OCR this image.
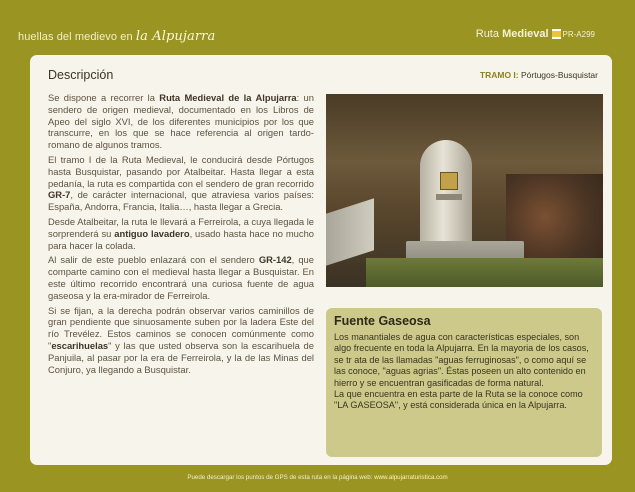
huellas del medievo en la Alpujarra	Ruta Medieval PR-A299
Descripción	TRAMO I: Pórtugos-Busquistar

Se dispone a recorrer la Ruta Medieval de la Alpujarra: un sendero de origen medieval, documentado en los Libros de Apeo del siglo XVI, de los diferentes municipios por los que transcurre, en los que se hace referencia al origen tardo-romano de algunos tramos.

El tramo I de la Ruta Medieval, le conducirá desde Pórtugos hasta Busquistar, pasando por Atalbeitar. Hasta llegar a esta pedanía, la ruta es compartida con el sendero de gran recorrido GR-7, de carácter internacional, que atraviesa varios países: España, Andorra, Francia, Italia…, hasta llegar a Grecia.

Desde Atalbeitar, la ruta le llevará a Ferreirola, a cuya llegada le sorprenderá su antiguo lavadero, usado hasta hace no mucho para hacer la colada.

Al salir de este pueblo enlazará con el sendero GR-142, que comparte camino con el medieval hasta llegar a Busquistar. En este último recorrido encontrará una curiosa fuente de agua gaseosa y la era-mirador de Ferreirola.

Si se fijan, a la derecha podrán observar varios caminillos de gran pendiente que sinuosamente suben por la ladera Este del río Trevélez. Estos caminos se conocen comúnmente como "escarihuelas" y las que usted observa son la escarihuela de Panjuila, al pasar por la era de Ferreirola, y la de las Minas del Conjuro, ya llegando a Busquistar.

Fuente Gaseosa

Los manantiales de agua con características especiales, son algo frecuente en toda la Alpujarra. En la mayoria de los casos, se tr ata de las llamadas "aguas ferruginosas", o como aquí se las conoce, "aguas agrias". Éstas poseen un alto contenido en hierro y se encuentran gasificadas de forma natural.

La que encuentra en esta parte de la Ruta se la conoce como "LA GASEOSA", y está considerada única en la Alpujarra.

Puede descargar los puntos de GPS de esta ruta en la página web: www.alpujarraturistica.com
